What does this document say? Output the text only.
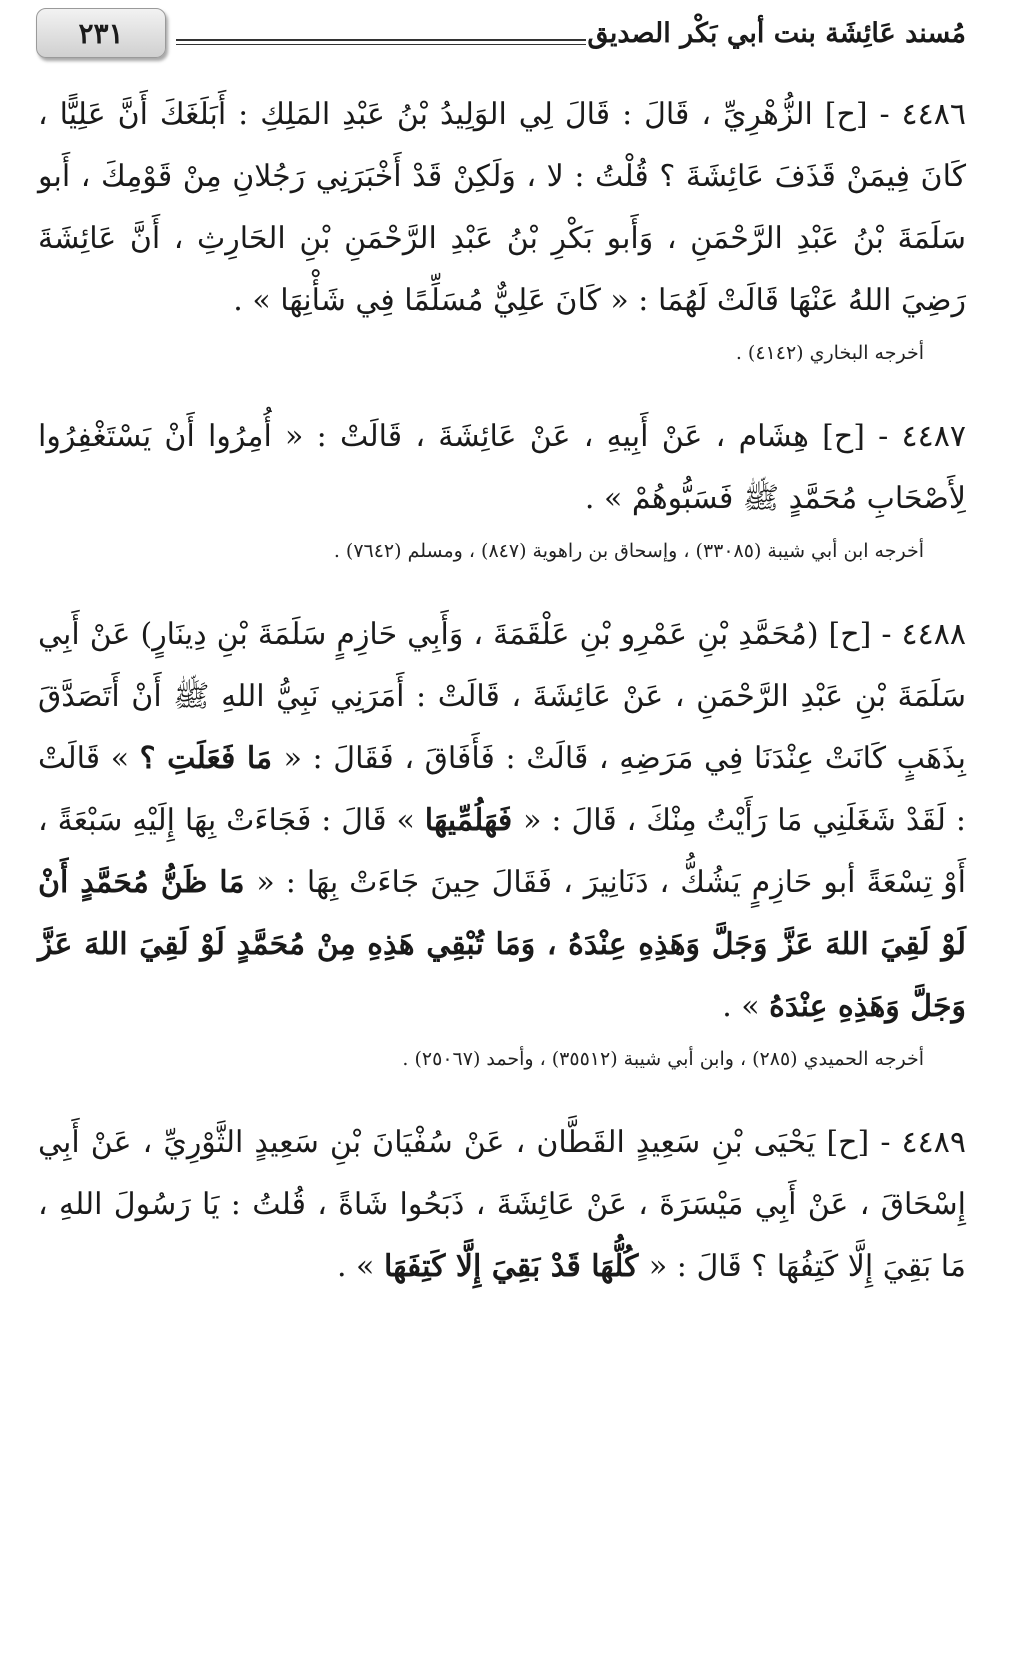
مُسند عَائِشَة بنت أبي بَكْر الصديق
٢٣١

٤٤٨٦ - [ح] الزُّهْرِيِّ ، قَالَ : قَالَ لِي الوَلِيدُ بْنُ عَبْدِ المَلِكِ : أَبَلَغَكَ أَنَّ عَلِيًّا ، كَانَ فِيمَنْ قَذَفَ عَائِشَةَ ؟ قُلْتُ : لا ، وَلَكِنْ قَدْ أَخْبَرَنِي رَجُلانِ مِنْ قَوْمِكَ ، أَبو سَلَمَةَ بْنُ عَبْدِ الرَّحْمَنِ ، وَأَبو بَكْرِ بْنُ عَبْدِ الرَّحْمَنِ بْنِ الحَارِثِ ، أَنَّ عَائِشَةَ رَضِيَ اللهُ عَنْهَا قَالَتْ لَهُمَا : « كَانَ عَلِيٌّ مُسَلِّمًا فِي شَأْنِهَا » .

أخرجه البخاري (٤١٤٢) .

٤٤٨٧ - [ح] هِشَام ، عَنْ أَبِيهِ ، عَنْ عَائِشَةَ ، قَالَتْ : « أُمِرُوا أَنْ يَسْتَغْفِرُوا لِأَصْحَابِ مُحَمَّدٍ ﷺ فَسَبُّوهُمْ » .

أخرجه ابن أبي شيبة (٣٣٠٨٥) ، وإسحاق بن راهوية (٨٤٧) ، ومسلم (٧٦٤٢) .

٤٤٨٨ - [ح] (مُحَمَّدِ بْنِ عَمْرِو بْنِ عَلْقَمَةَ ، وَأَبِي حَازِمٍ سَلَمَةَ بْنِ دِينَارٍ) عَنْ أَبِي سَلَمَةَ بْنِ عَبْدِ الرَّحْمَنِ ، عَنْ عَائِشَةَ ، قَالَتْ : أَمَرَنِي نَبِيُّ اللهِ ﷺ أَنْ أَتَصَدَّقَ بِذَهَبٍ كَانَتْ عِنْدَنَا فِي مَرَضِهِ ، قَالَتْ : فَأَفَاقَ ، فَقَالَ : « مَا فَعَلَتِ ؟ » قَالَتْ : لَقَدْ شَغَلَنِي مَا رَأَيْتُ مِنْكَ ، قَالَ : « فَهَلُمِّيهَا » قَالَ : فَجَاءَتْ بِهَا إِلَيْهِ سَبْعَةً ، أَوْ تِسْعَةً أبو حَازِمٍ يَشُكُّ ، دَنَانِيرَ ، فَقَالَ حِينَ جَاءَتْ بِهَا : « مَا ظَنُّ مُحَمَّدٍ أَنْ لَوْ لَقِيَ اللهَ عَزَّ وَجَلَّ وَهَذِهِ عِنْدَهُ ، وَمَا تُبْقِي هَذِهِ مِنْ مُحَمَّدٍ لَوْ لَقِيَ اللهَ عَزَّ وَجَلَّ وَهَذِهِ عِنْدَهُ » .

أخرجه الحميدي (٢٨٥) ، وابن أبي شيبة (٣٥٥١٢) ، وأحمد (٢٥٠٦٧) .

٤٤٨٩ - [ح] يَحْيَى بْنِ سَعِيدٍ القَطَّان ، عَنْ سُفْيَانَ بْنِ سَعِيدٍ الثَّوْرِيِّ ، عَنْ أَبِي إِسْحَاقَ ، عَنْ أَبِي مَيْسَرَةَ ، عَنْ عَائِشَةَ ، ذَبَحُوا شَاةً ، قُلتُ : يَا رَسُولَ اللهِ ، مَا بَقِيَ إِلَّا كَتِفُهَا ؟ قَالَ : « كُلُّهَا قَدْ بَقِيَ إِلَّا كَتِفَهَا » .
